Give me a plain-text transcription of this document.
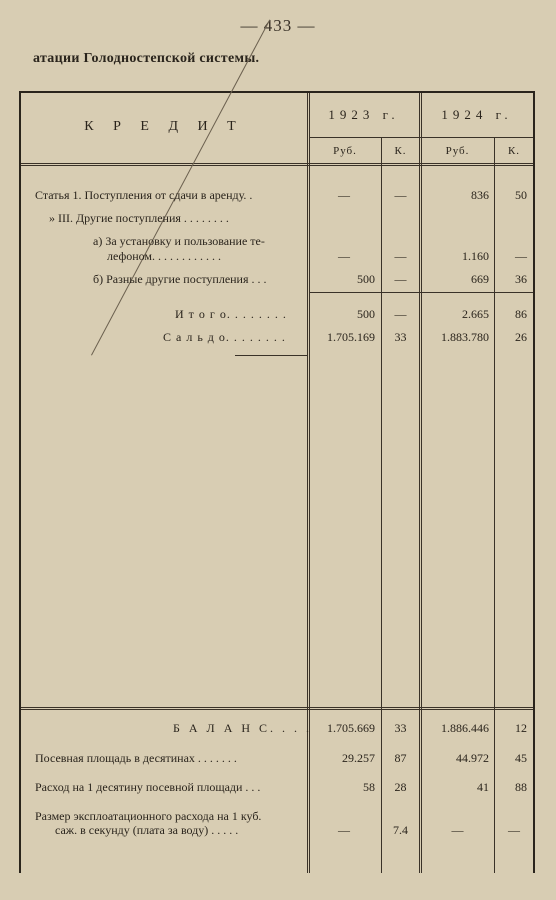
— 433 —
атации Голодностепской системы.
К Р Е Д И Т
1923 г.	1924 г.
Руб.	К.	Руб.	К.
Статья 1. Поступления от сдачи в аренду. .	—	—	836	50
» III. Другие поступления . . . . . . . .
а) За установку и пользование те-
лефоном. . . . . . . . . . . .	—	—	1.160	—
б) Разные другие поступления . . .	500	—	669	36
И т о г о. . . . . . . .	500	—	2.665	86
С а л ь д о. . . . . . . .	1.705.169	33	1.883.780	26
Б А Л А Н С. . . .	1.705.669	33	1.886.446	12
Посевная площадь в десятинах . . . . . . .	29.257	87	44.972	45
Расход на 1 десятину посевной площади . . .	58	28	41	88
Размер эксплоатационного расхода на 1 куб.
саж. в секунду (плата за воду) . . . . .	—	7.4	—	—
